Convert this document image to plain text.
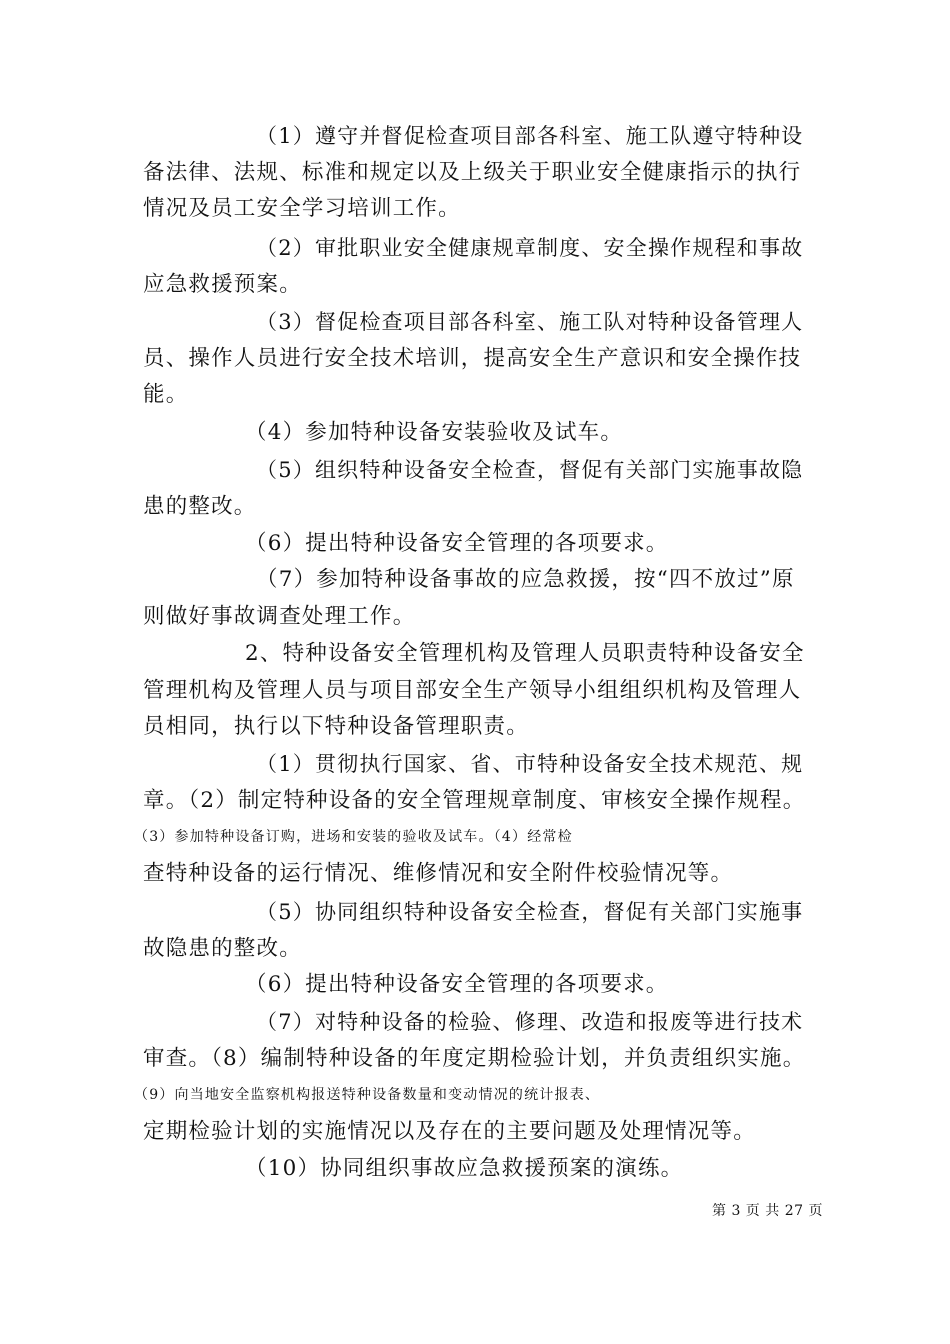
（1）遵守并督促检查项目部各科室、施工队遵守特种设
备法律、法规、标准和规定以及上级关于职业安全健康指示的执行
情况及员工安全学习培训工作。
（2）审批职业安全健康规章制度、安全操作规程和事故
应急救援预案。
（3）督促检查项目部各科室、施工队对特种设备管理人
员、操作人员进行安全技术培训，提高安全生产意识和安全操作技
能。
（4）参加特种设备安装验收及试车。
（5）组织特种设备安全检查，督促有关部门实施事故隐
患的整改。
（6）提出特种设备安全管理的各项要求。
（7）参加特种设备事故的应急救援，按“四不放过”原
则做好事故调查处理工作。
2、特种设备安全管理机构及管理人员职责特种设备安全
管理机构及管理人员与项目部安全生产领导小组组织机构及管理人
员相同，执行以下特种设备管理职责。
（1）贯彻执行国家、省、市特种设备安全技术规范、规
章。（2）制定特种设备的安全管理规章制度、审核安全操作规程。
（3）参加特种设备订购，进场和安装的验收及试车。（4）经常检
查特种设备的运行情况、维修情况和安全附件校验情况等。
（5）协同组织特种设备安全检查，督促有关部门实施事
故隐患的整改。
（6）提出特种设备安全管理的各项要求。
（7）对特种设备的检验、修理、改造和报废等进行技术
审查。（8）编制特种设备的年度定期检验计划，并负责组织实施。
（9）向当地安全监察机构报送特种设备数量和变动情况的统计报表、
定期检验计划的实施情况以及存在的主要问题及处理情况等。
（10）协同组织事故应急救援预案的演练。
第 3 页 共 27 页
